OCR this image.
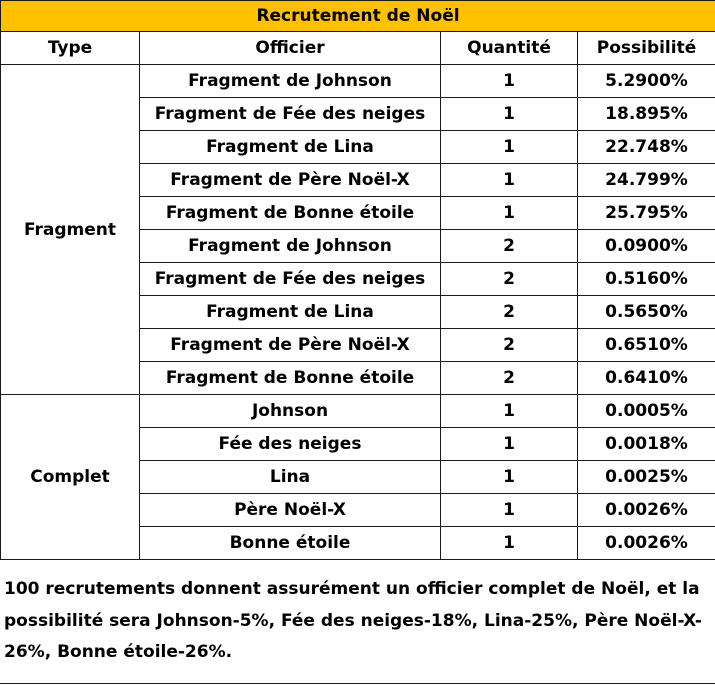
Recrutement de Noël			
Type	Officier	Quantité	Possibilité
Fragment	Fragment de Johnson	1	5.2900%
	Fragment de Fée des neiges	1	18.895%
	Fragment de Lina	1	22.748%
	Fragment de Père Noël-X	1	24.799%
	Fragment de Bonne étoile	1	25.795%
	Fragment de Johnson	2	0.0900%
	Fragment de Fée des neiges	2	0.5160%
	Fragment de Lina	2	0.5650%
	Fragment de Père Noël-X	2	0.6510%
	Fragment de Bonne étoile	2	0.6410%
Complet	Johnson	1	0.0005%
	Fée des neiges	1	0.0018%
	Lina	1	0.0025%
	Père Noël-X	1	0.0026%
	Bonne étoile	1	0.0026%
100 recrutements donnent assurément un officier complet de Noël, et la possibilité sera Johnson-5%, Fée des neiges-18%, Lina-25%, Père Noël-X-26%, Bonne étoile-26%.
